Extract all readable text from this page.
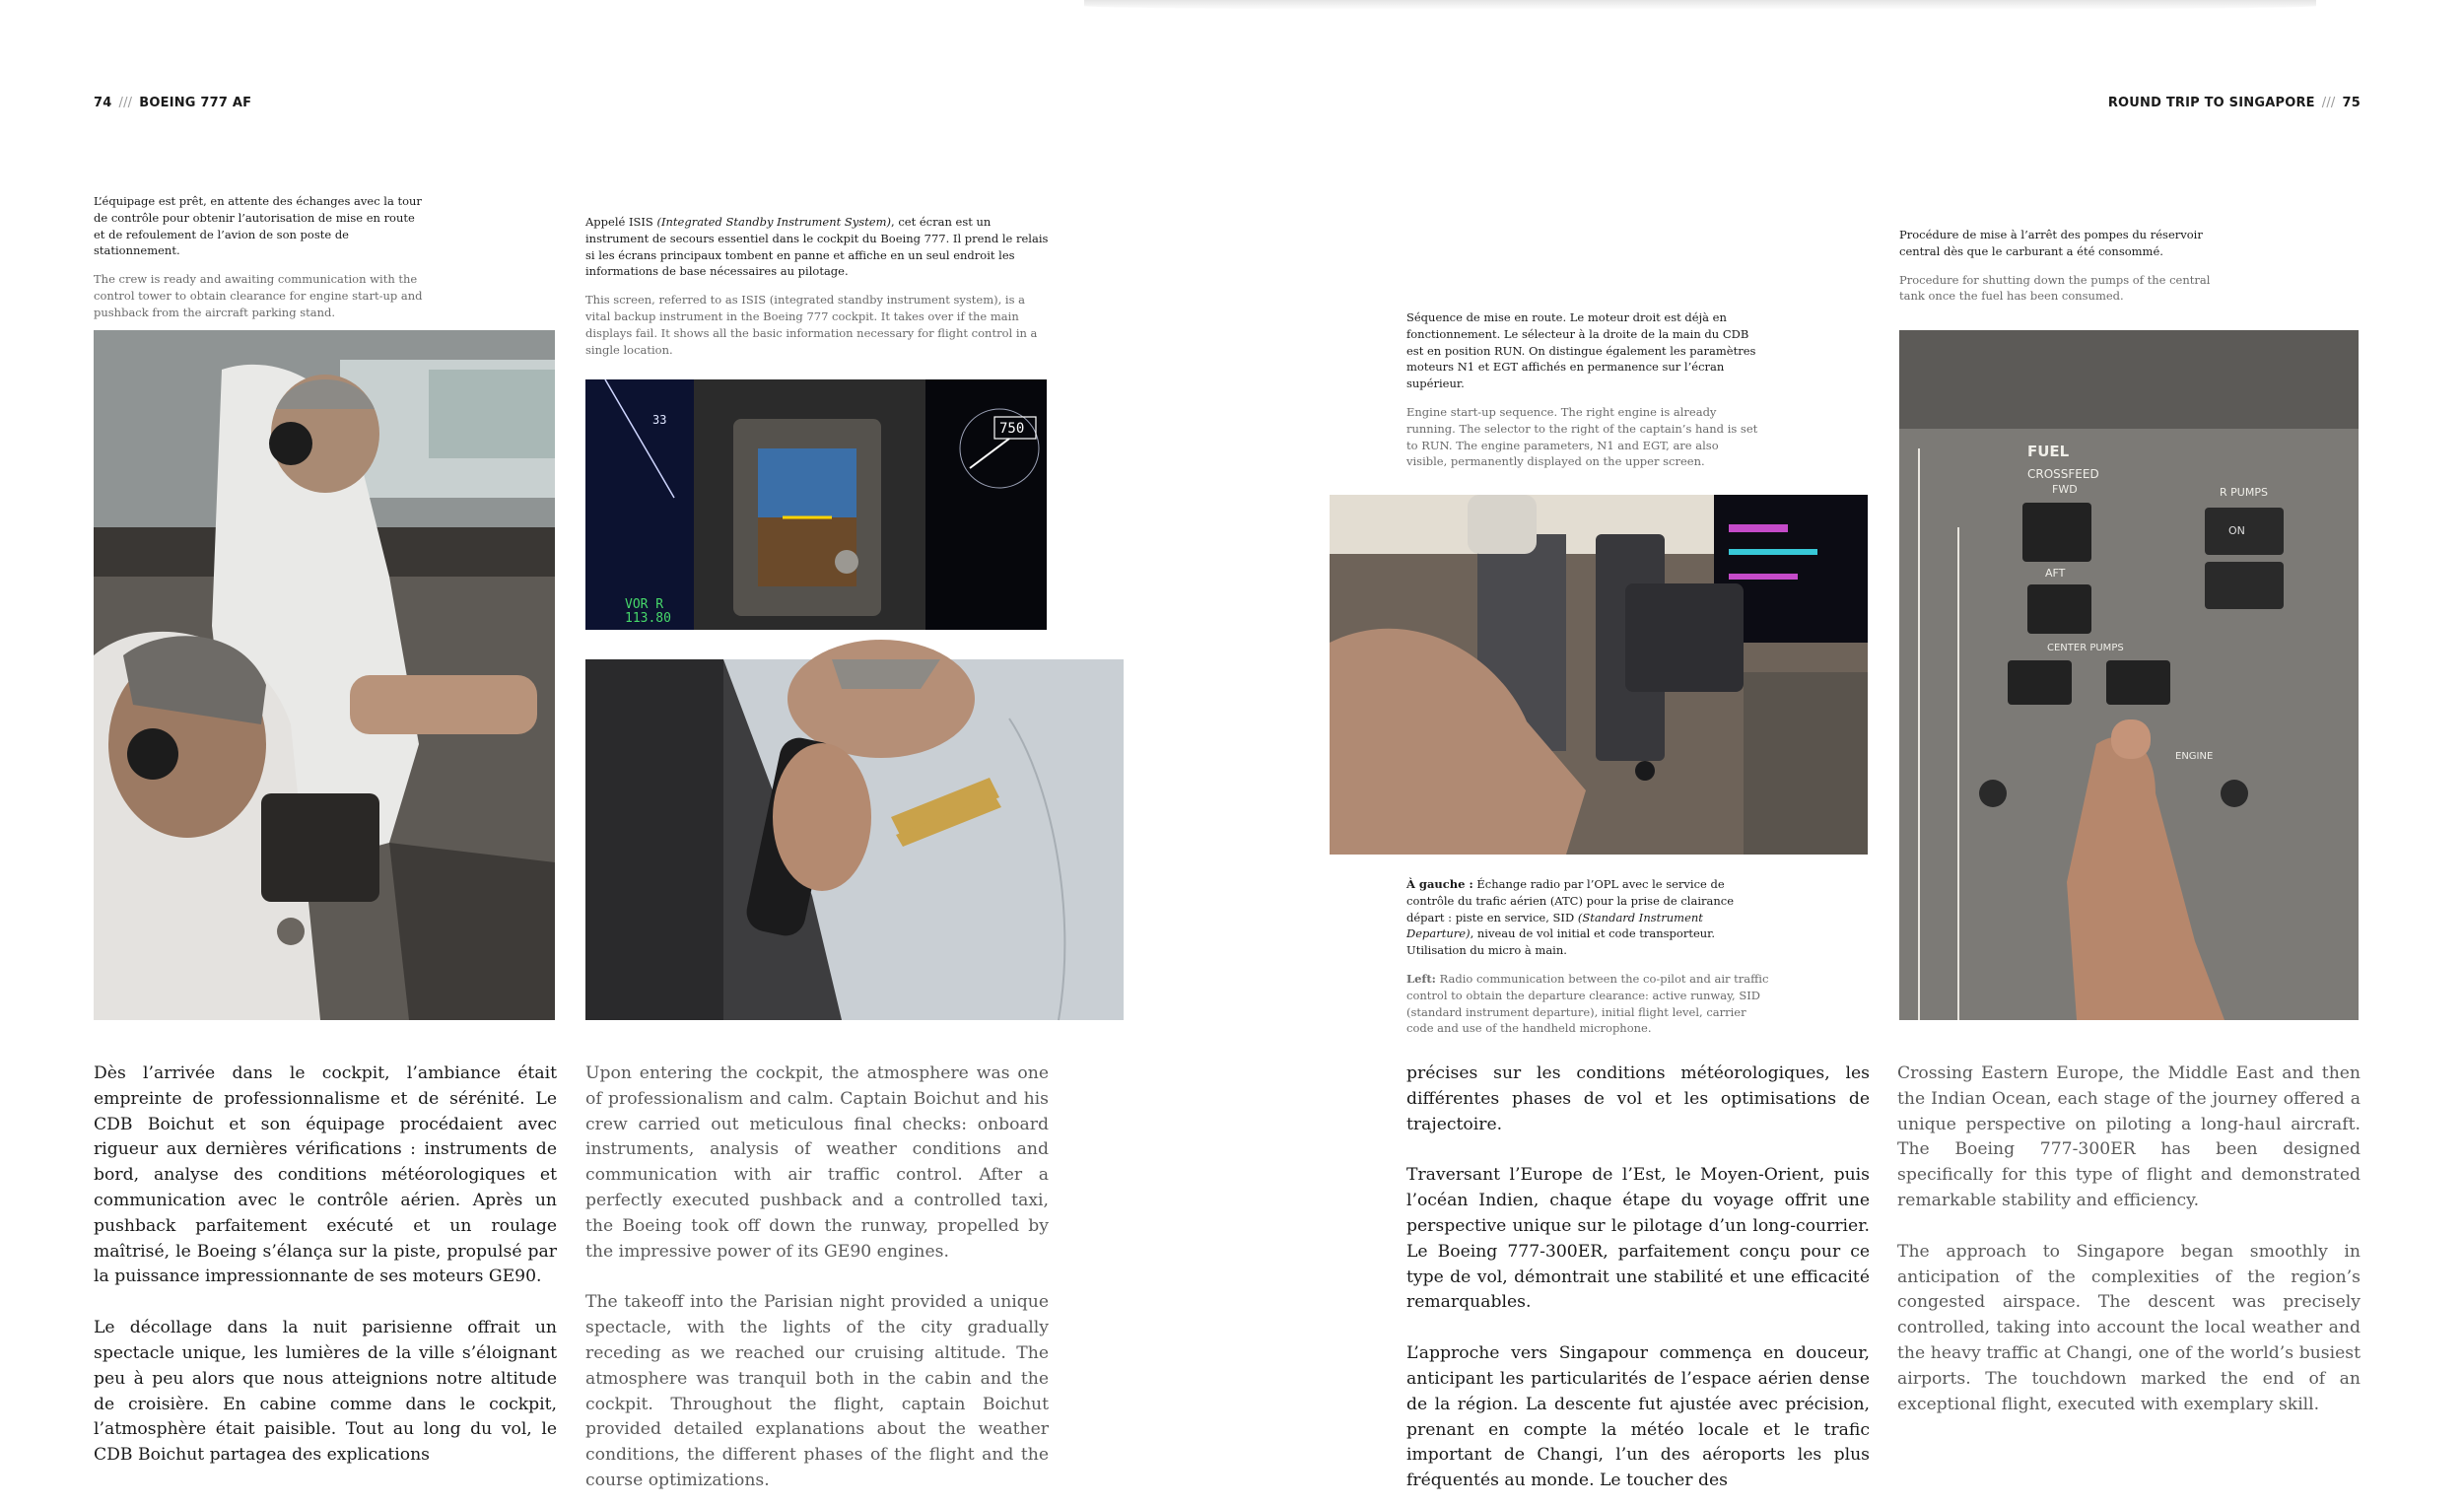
74 /// BOEING 777 AF	ROUND TRIP TO SINGAPORE /// 75

L’équipage est prêt, en attente des échanges avec la tour de contrôle pour obtenir l’autorisation de mise en route et de refoulement de l’avion de son poste de stationnement.

The crew is ready and awaiting communication with the control tower to obtain clearance for engine start-up and pushback from the aircraft parking stand.

Appelé ISIS (Integrated Standby Instrument System), cet écran est un instrument de secours essentiel dans le cockpit du Boeing 777. Il prend le relais si les écrans principaux tombent en panne et affiche en un seul endroit les informations de base nécessaires au pilotage.

This screen, referred to as ISIS (integrated standby instrument system), is a vital backup instrument in the Boeing 777 cockpit. It takes over if the main displays fail. It shows all the basic information necessary for flight control in a single location.

Séquence de mise en route. Le moteur droit est déjà en fonctionnement. Le sélecteur à la droite de la main du CDB est en position RUN. On distingue également les paramètres moteurs N1 et EGT affichés en permanence sur l’écran supérieur.

Engine start-up sequence. The right engine is already running. The selector to the right of the captain’s hand is set to RUN. The engine parameters, N1 and EGT, are also visible, permanently displayed on the upper screen.

À gauche : Échange radio par l’OPL avec le service de contrôle du trafic aérien (ATC) pour la prise de clairance départ : piste en service, SID (Standard Instrument Departure), niveau de vol initial et code transporteur. Utilisation du micro à main.

Left: Radio communication between the co-pilot and air traffic control to obtain the departure clearance: active runway, SID (standard instrument departure), initial flight level, carrier code and use of the handheld microphone.

Procédure de mise à l’arrêt des pompes du réservoir central dès que le carburant a été consommé.

Procedure for shutting down the pumps of the central tank once the fuel has been consumed.

33
VOR R
113.80
750
FUEL
CROSSFEED
FWD	R PUMPS
ON
AFT
CENTER PUMPS
ENGINE

Dès l’arrivée dans le cockpit, l’ambiance était empreinte de professionnalisme et de sérénité. Le CDB Boichut et son équipage procédaient avec rigueur aux dernières vérifications : instruments de bord, analyse des conditions météorologiques et communication avec le contrôle aérien. Après un pushback parfaitement exécuté et un roulage maîtrisé, le Boeing s’élança sur la piste, propulsé par la puissance impressionnante de ses moteurs GE90.

Le décollage dans la nuit parisienne offrait un spectacle unique, les lumières de la ville s’éloignant peu à peu alors que nous atteignions notre altitude de croisière. En cabine comme dans le cockpit, l’atmosphère était paisible. Tout au long du vol, le CDB Boichut partagea des explications

Upon entering the cockpit, the atmosphere was one of professionalism and calm. Captain Boichut and his crew carried out meticulous final checks: onboard instruments, analysis of weather conditions and communication with air traffic control. After a perfectly executed pushback and a controlled taxi, the Boeing took off down the runway, propelled by the impressive power of its GE90 engines.

The takeoff into the Parisian night provided a unique spectacle, with the lights of the city gradually receding as we reached our cruising altitude. The atmosphere was tranquil both in the cabin and the cockpit. Throughout the flight, captain Boichut provided detailed explanations about the weather conditions, the different phases of the flight and the course optimizations.

précises sur les conditions météorologiques, les différentes phases de vol et les optimisations de trajectoire.

Traversant l’Europe de l’Est, le Moyen-Orient, puis l’océan Indien, chaque étape du voyage offrit une perspective unique sur le pilotage d’un long-courrier. Le Boeing 777-300ER, parfaitement conçu pour ce type de vol, démontrait une stabilité et une efficacité remarquables.

L’approche vers Singapour commença en douceur, anticipant les particularités de l’espace aérien dense de la région. La descente fut ajustée avec précision, prenant en compte la météo locale et le trafic important de Changi, l’un des aéroports les plus fréquentés au monde. Le toucher des

Crossing Eastern Europe, the Middle East and then the Indian Ocean, each stage of the journey offered a unique perspective on piloting a long-haul aircraft. The Boeing 777-300ER has been designed specifically for this type of flight and demonstrated remarkable stability and efficiency.

The approach to Singapore began smoothly in anticipation of the complexities of the region’s congested airspace. The descent was precisely controlled, taking into account the local weather and the heavy traffic at Changi, one of the world’s busiest airports. The touchdown marked the end of an exceptional flight, executed with exemplary skill.
